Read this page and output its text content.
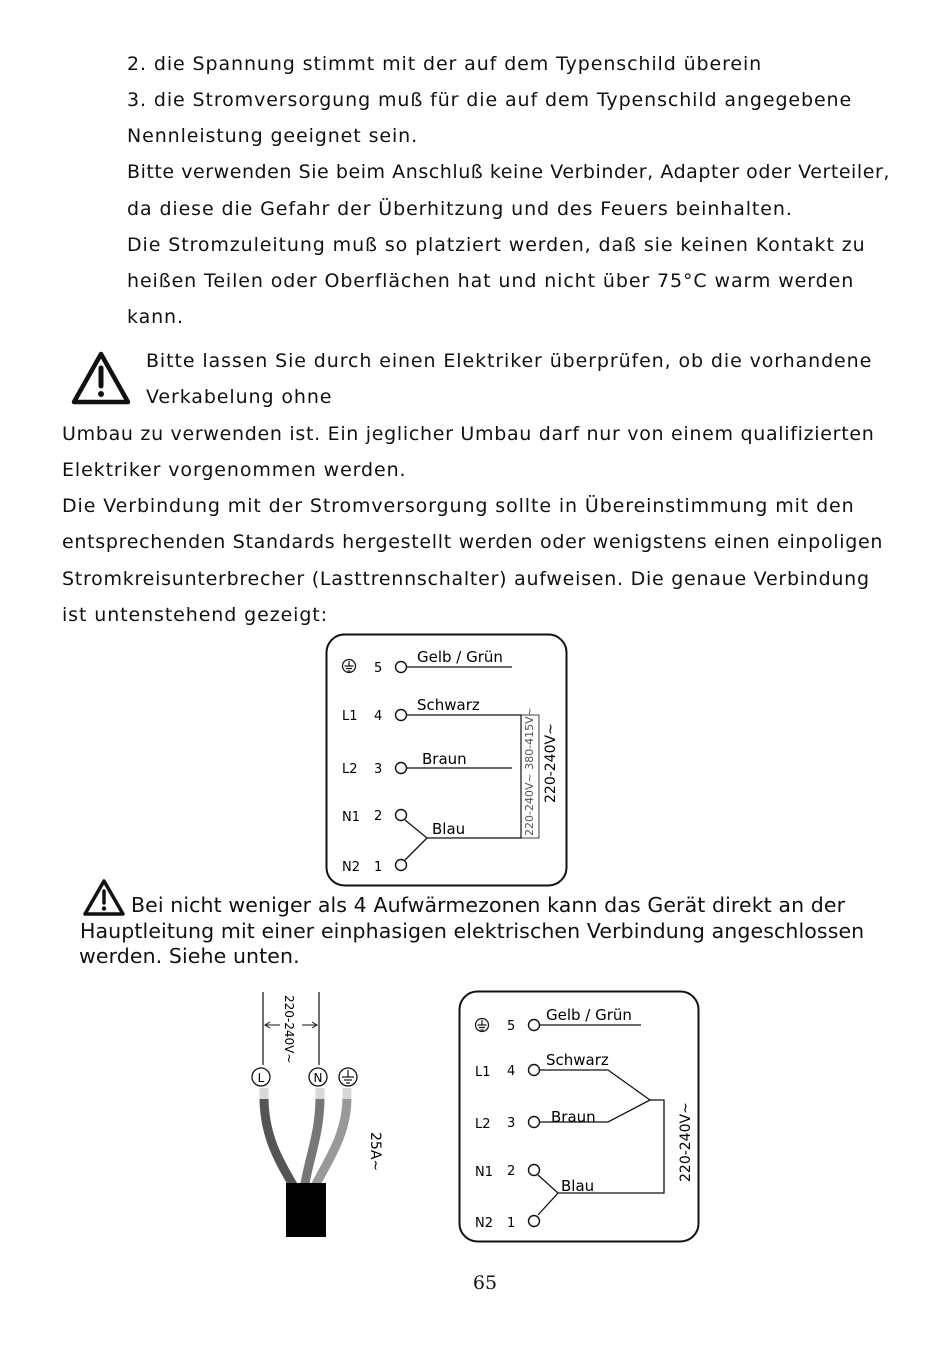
2. die Spannung stimmt mit der auf dem Typenschild überein
3. die Stromversorgung muß für die auf dem Typenschild angegebene
Nennleistung geeignet sein.
Bitte verwenden Sie beim Anschluß keine Verbinder, Adapter oder Verteiler,
da diese die Gefahr der Überhitzung und des Feuers beinhalten.
Die Stromzuleitung muß so platziert werden, daß sie keinen Kontakt zu
heißen Teilen oder Oberflächen hat und nicht über 75°C warm werden
kann.
Bitte lassen Sie durch einen Elektriker überprüfen, ob die vorhandene
Verkabelung ohne
Umbau zu verwenden ist. Ein jeglicher Umbau darf nur von einem qualifizierten
Elektriker vorgenommen werden.
Die Verbindung mit der Stromversorgung sollte in Übereinstimmung mit den
entsprechenden Standards hergestellt werden oder wenigstens einen einpoligen
Stromkreisunterbrecher (Lasttrennschalter) aufweisen. Die genaue Verbindung
ist untenstehend gezeigt:
L1
L2
N1
N2
5
4
3
2
1
Gelb / Grün
Schwarz
Braun
Blau	220-240V~ 380-415V~ 220-240V~
Bei nicht weniger als 4 Aufwärmezonen kann das Gerät direkt an der
Hauptleitung mit einer einphasigen elektrischen Verbindung angeschlossen
werden. Siehe unten.
220-240V~
L	N
25A~
L1
L2
N1
N2
5
4
3
2
1
Gelb / Grün
Schwarz
Braun
Blau
220-240V~
65
